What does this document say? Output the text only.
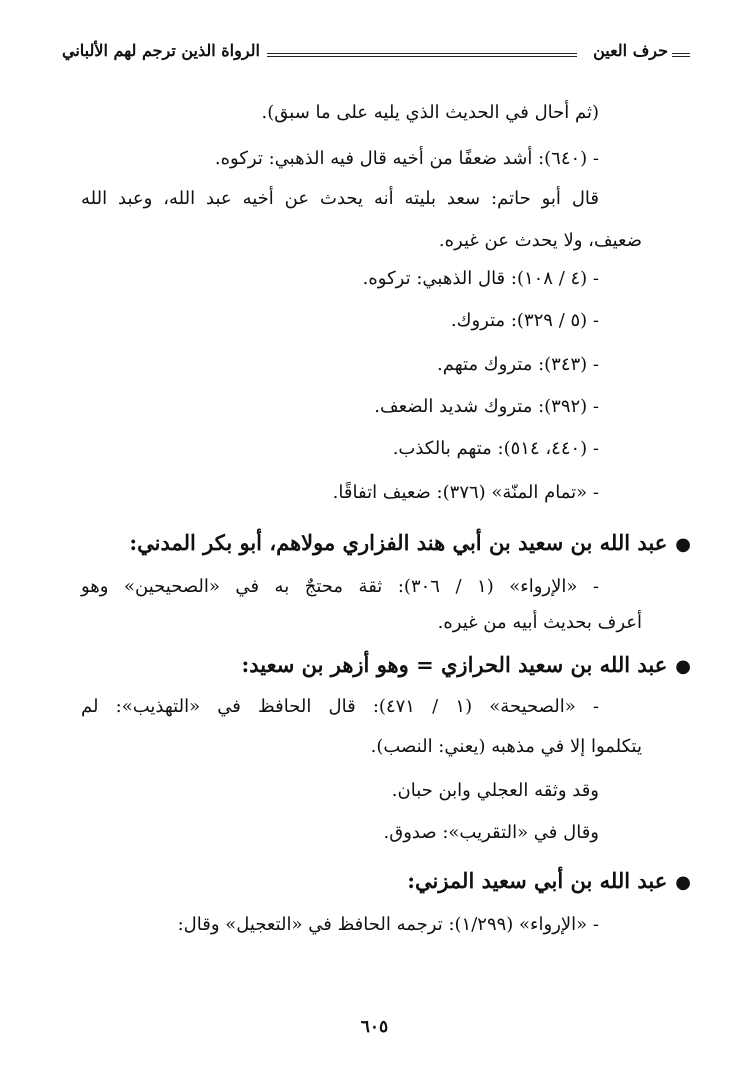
حرف العين
الرواة الذين ترجم لهم الألباني
(ثم أحال في الحديث الذي يليه على ما سبق).
- (٦٤٠): أشد ضعفًا من أخيه قال فيه الذهبي: تركوه.
قال أبو حاتم: سعد بليته أنه يحدث عن أخيه عبد الله، وعبد الله
ضعيف، ولا يحدث عن غيره.
- (٤ / ١٠٨): قال الذهبي: تركوه.
- (٥ / ٣٢٩): متروك.
- (٣٤٣): متروك متهم.
- (٣٩٢): متروك شديد الضعف.
- (٤٤٠، ٥١٤): متهم بالكذب.
- «تمام المنّة» (٣٧٦): ضعيف اتفاقًا.
●عبد الله بن سعيد بن أبي هند الفزاري مولاهم، أبو بكر المدني:
- «الإرواء» (١ / ٣٠٦): ثقة محتجٌ به في «الصحيحين» وهو
أعرف بحديث أبيه من غيره.
●عبد الله بن سعيد الحرازي = وهو أزهر بن سعيد:
- «الصحيحة» (١ / ٤٧١): قال الحافظ في «التهذيب»: لم
يتكلموا إلا في مذهبه (يعني: النصب).
وقد وثقه العجلي وابن حبان.
وقال في «التقريب»: صدوق.
●عبد الله بن أبي سعيد المزني:
- «الإرواء» (١/٢٩٩): ترجمه الحافظ في «التعجيل» وقال:
٦٠٥
